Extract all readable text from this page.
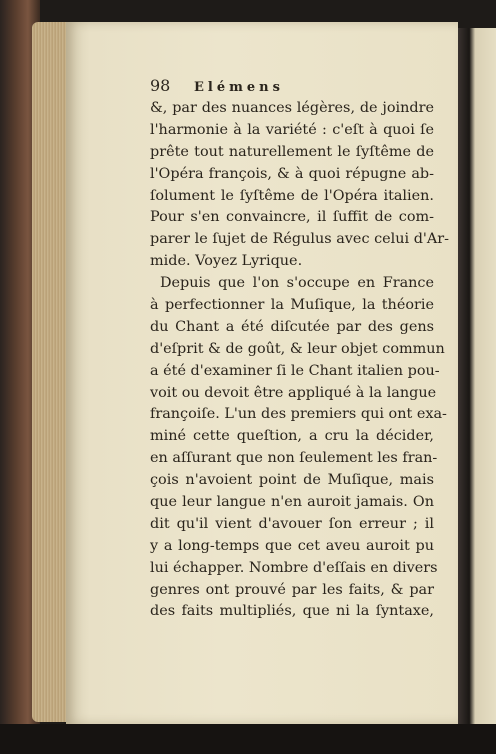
98	Elémens
&, par des nuances légères, de joindre
l'harmonie à la variété : c'eſt à quoi ſe
prête tout naturellement le ſyſtême de
l'Opéra françois, & à quoi répugne ab-
ſolument le ſyſtême de l'Opéra italien.
Pour s'en convaincre, il ſuffit de com-
parer le ſujet de Régulus avec celui d'Ar-
mide. Voyez Lyrique.
Depuis que l'on s'occupe en France
à perfectionner la Muſique, la théorie
du Chant a été diſcutée par des gens
d'eſprit & de goût, & leur objet commun
a été d'examiner ſi le Chant italien pou-
voit ou devoit être appliqué à la langue
françoiſe. L'un des premiers qui ont exa-
miné cette queſtion, a cru la décider,
en aſſurant que non ſeulement les fran-
çois n'avoient point de Muſique, mais
que leur langue n'en auroit jamais. On
dit qu'il vient d'avouer ſon erreur ; il
y a long-temps que cet aveu auroit pu
lui échapper. Nombre d'eſſais en divers
genres ont prouvé par les faits, & par
des faits multipliés, que ni la ſyntaxe,
